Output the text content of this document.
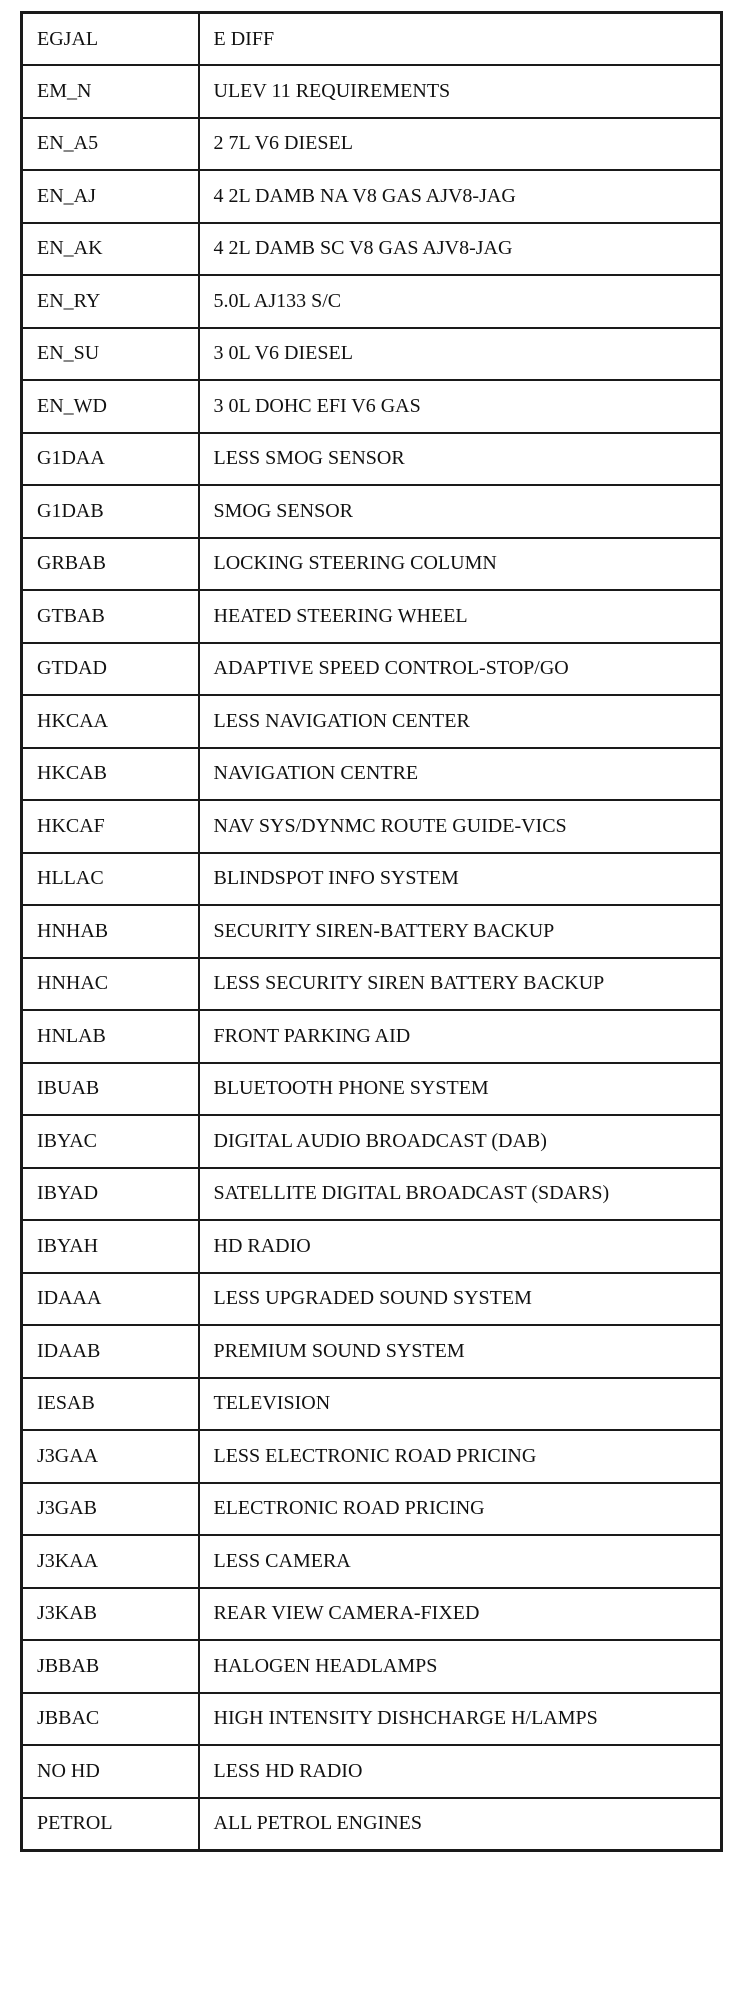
EGJAL	E DIFF
EM_N	ULEV 11 REQUIREMENTS
EN_A5	2 7L V6 DIESEL
EN_AJ	4 2L DAMB NA V8 GAS AJV8-JAG
EN_AK	4 2L DAMB SC V8 GAS AJV8-JAG
EN_RY	5.0L AJ133 S/C
EN_SU	3 0L V6 DIESEL
EN_WD	3 0L DOHC EFI V6 GAS
G1DAA	LESS SMOG SENSOR
G1DAB	SMOG SENSOR
GRBAB	LOCKING STEERING COLUMN
GTBAB	HEATED STEERING WHEEL
GTDAD	ADAPTIVE SPEED CONTROL-STOP/GO
HKCAA	LESS NAVIGATION CENTER
HKCAB	NAVIGATION CENTRE
HKCAF	NAV SYS/DYNMC ROUTE GUIDE-VICS
HLLAC	BLINDSPOT INFO SYSTEM
HNHAB	SECURITY SIREN-BATTERY BACKUP
HNHAC	LESS SECURITY SIREN BATTERY BACKUP
HNLAB	FRONT PARKING AID
IBUAB	BLUETOOTH PHONE SYSTEM
IBYAC	DIGITAL AUDIO BROADCAST (DAB)
IBYAD	SATELLITE DIGITAL BROADCAST (SDARS)
IBYAH	HD RADIO
IDAAA	LESS UPGRADED SOUND SYSTEM
IDAAB	PREMIUM SOUND SYSTEM
IESAB	TELEVISION
J3GAA	LESS ELECTRONIC ROAD PRICING
J3GAB	ELECTRONIC ROAD PRICING
J3KAA	LESS CAMERA
J3KAB	REAR VIEW CAMERA-FIXED
JBBAB	HALOGEN HEADLAMPS
JBBAC	HIGH INTENSITY DISHCHARGE H/LAMPS
NO HD	LESS HD RADIO
PETROL	ALL PETROL ENGINES
